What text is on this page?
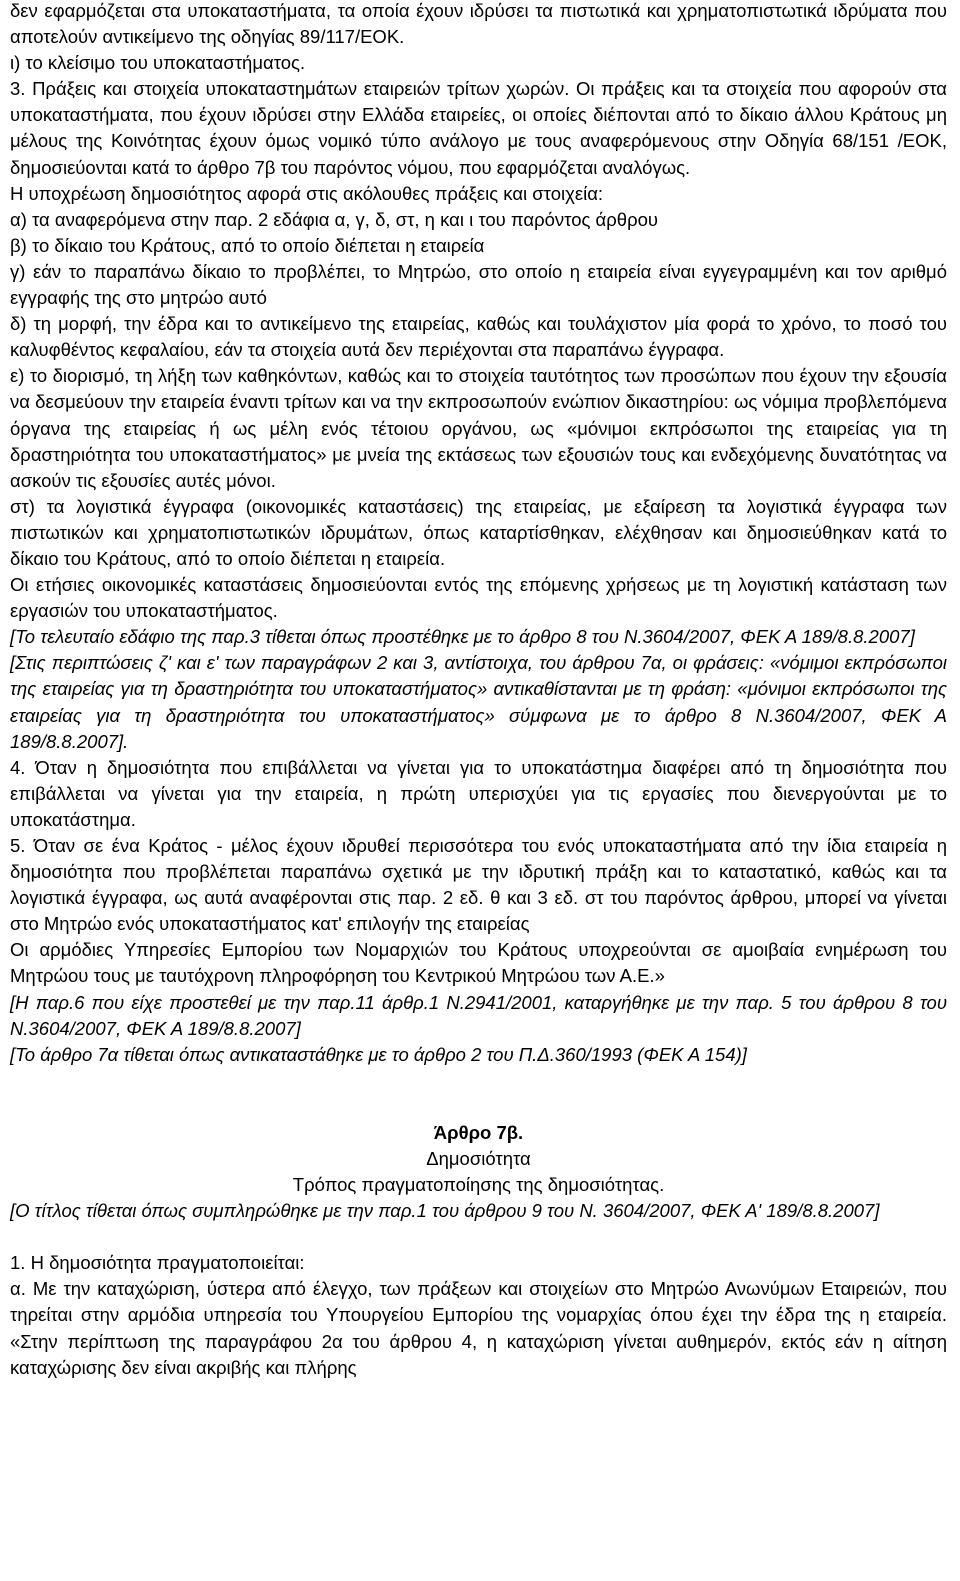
δεν εφαρμόζεται στα υποκαταστήματα, τα οποία έχουν ιδρύσει τα πιστωτικά και χρηματοπιστωτικά ιδρύματα που αποτελούν αντικείμενο της οδηγίας 89/117/ΕΟΚ.

ι) το κλείσιμο του υποκαταστήματος.

3. Πράξεις και στοιχεία υποκαταστημάτων εταιρειών τρίτων χωρών. Οι πράξεις και τα στοιχεία που αφορούν στα υποκαταστήματα, που έχουν ιδρύσει στην Ελλάδα εταιρείες, οι οποίες διέπονται από το δίκαιο άλλου Κράτους μη μέλους της Κοινότητας έχουν όμως νομικό τύπο ανάλογο με τους αναφερόμενους στην Οδηγία 68/151 /ΕΟΚ, δημοσιεύονται κατά το άρθρο 7β του παρόντος νόμου, που εφαρμόζεται αναλόγως.

Η υποχρέωση δημοσιότητος αφορά στις ακόλουθες πράξεις και στοιχεία:

α) τα αναφερόμενα στην παρ. 2 εδάφια α, γ, δ, στ, η και ι του παρόντος άρθρου

β) το δίκαιο του Κράτους, από το οποίο διέπεται η εταιρεία

γ) εάν το παραπάνω δίκαιο το προβλέπει, το Μητρώο, στο οποίο η εταιρεία είναι εγγεγραμμένη και τον αριθμό εγγραφής της στο μητρώο αυτό

δ) τη μορφή, την έδρα και το αντικείμενο της εταιρείας, καθώς και τουλάχιστον μία φορά το χρόνο, το ποσό του καλυφθέντος κεφαλαίου, εάν τα στοιχεία αυτά δεν περιέχονται στα παραπάνω έγγραφα.

ε) το διορισμό, τη λήξη των καθηκόντων, καθώς και το στοιχεία ταυτότητος των προσώπων που έχουν την εξουσία να δεσμεύουν την εταιρεία έναντι τρίτων και να την εκπροσωπούν ενώπιον δικαστηρίου: ως νόμιμα προβλεπόμενα όργανα της εταιρείας ή ως μέλη ενός τέτοιου οργάνου, ως «μόνιμοι εκπρόσωποι της εταιρείας για τη δραστηριότητα του υποκαταστήματος» με μνεία της εκτάσεως των εξουσιών τους και ενδεχόμενης δυνατότητας να ασκούν τις εξουσίες αυτές μόνοι.

στ) τα λογιστικά έγγραφα (οικονομικές καταστάσεις) της εταιρείας, με εξαίρεση τα λογιστικά έγγραφα των πιστωτικών και χρηματοπιστωτικών ιδρυμάτων, όπως καταρτίσθηκαν, ελέχθησαν και δημοσιεύθηκαν κατά το δίκαιο του Κράτους, από το οποίο διέπεται η εταιρεία.

Οι ετήσιες οικονομικές καταστάσεις δημοσιεύονται εντός της επόμενης χρήσεως με τη λογιστική κατάσταση των εργασιών του υποκαταστήματος.

[Το τελευταίο εδάφιο της παρ.3 τίθεται όπως προστέθηκε με το άρθρο 8 του Ν.3604/2007, ΦΕΚ Α 189/8.8.2007]

[Στις περιπτώσεις ζ' και ε' των παραγράφων 2 και 3, αντίστοιχα, του άρθρου 7α, οι φράσεις: «νόμιμοι εκπρόσωποι της εταιρείας για τη δραστηριότητα του υποκαταστήματος» αντικαθίστανται με τη φράση: «μόνιμοι εκπρόσωποι της εταιρείας για τη δραστηριότητα του υποκαταστήματος» σύμφωνα με το άρθρο 8 Ν.3604/2007, ΦΕΚ Α 189/8.8.2007].

4. Όταν η δημοσιότητα που επιβάλλεται να γίνεται για το υποκατάστημα διαφέρει από τη δημοσιότητα που επιβάλλεται να γίνεται για την εταιρεία, η πρώτη υπερισχύει για τις εργασίες που διενεργούνται με το υποκατάστημα.

5. Όταν σε ένα Κράτος - μέλος έχουν ιδρυθεί περισσότερα του ενός υποκαταστήματα από την ίδια εταιρεία η δημοσιότητα που προβλέπεται παραπάνω σχετικά με την ιδρυτική πράξη και το καταστατικό, καθώς και τα λογιστικά έγγραφα, ως αυτά αναφέρονται στις παρ. 2 εδ. θ και 3 εδ. στ του παρόντος άρθρου, μπορεί να γίνεται στο Μητρώο ενός υποκαταστήματος κατ' επιλογήν της εταιρείας

Οι αρμόδιες Υπηρεσίες Εμπορίου των Νομαρχιών του Κράτους υποχρεούνται σε αμοιβαία ενημέρωση του Μητρώου τους με ταυτόχρονη πληροφόρηση του Κεντρικού Μητρώου των Α.Ε.»

[Η παρ.6 που είχε προστεθεί με την παρ.11 άρθρ.1 Ν.2941/2001, καταργήθηκε με την παρ. 5 του άρθρου 8 του Ν.3604/2007, ΦΕΚ Α 189/8.8.2007]

[Το άρθρο 7α τίθεται όπως αντικαταστάθηκε με το άρθρο 2 του Π.Δ.360/1993 (ΦΕΚ Α 154)]

Άρθρο 7β.

Δημοσιότητα

Τρόπος πραγματοποίησης της δημοσιότητας.

[Ο τίτλος τίθεται όπως συμπληρώθηκε με την παρ.1 του άρθρου 9 του Ν. 3604/2007, ΦΕΚ Α' 189/8.8.2007]

1. Η δημοσιότητα πραγματοποιείται:

α. Με την καταχώριση, ύστερα από έλεγχο, των πράξεων και στοιχείων στο Μητρώο Ανωνύμων Εταιρειών, που τηρείται στην αρμόδια υπηρεσία του Υπουργείου Εμπορίου της νομαρχίας όπου έχει την έδρα της η εταιρεία. «Στην περίπτωση της παραγράφου 2α του άρθρου 4, η καταχώριση γίνεται αυθημερόν, εκτός εάν η αίτηση καταχώρισης δεν είναι ακριβής και πλήρης
